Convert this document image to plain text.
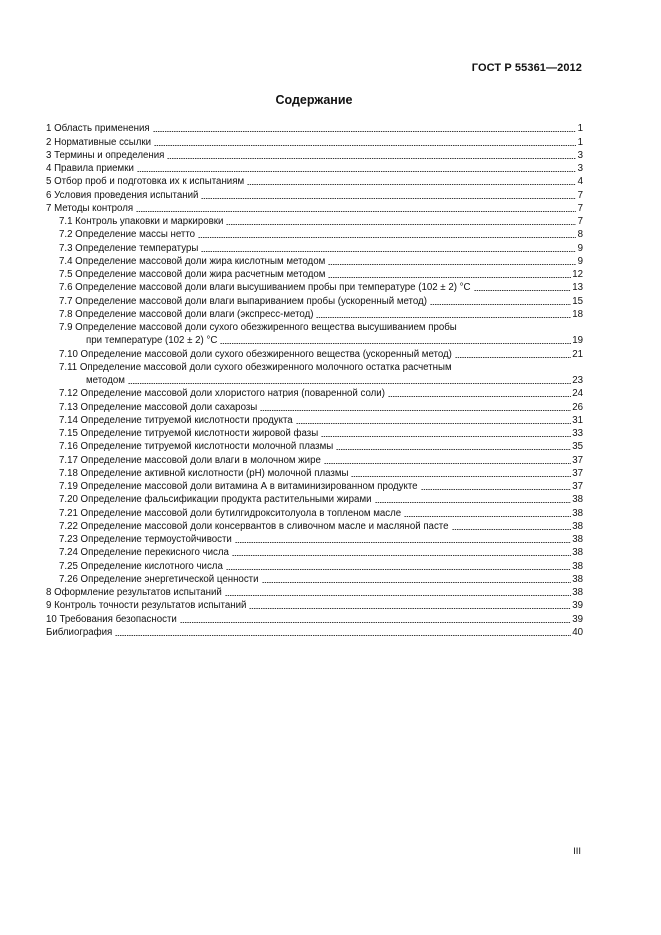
ГОСТ Р 55361—2012
Содержание
1 Область применения	1
2 Нормативные ссылки	1
3 Термины и определения	3
4 Правила приемки	3
5 Отбор проб и подготовка их к испытаниям	4
6 Условия проведения испытаний	7
7 Методы контроля	7
7.1 Контроль упаковки и маркировки	7
7.2 Определение массы нетто	8
7.3 Определение температуры	9
7.4 Определение массовой доли жира кислотным методом	9
7.5 Определение массовой доли жира расчетным методом	12
7.6 Определение массовой доли влаги высушиванием пробы при температуре (102 ± 2) °С	13
7.7 Определение массовой доли влаги выпариванием пробы (ускоренный метод)	15
7.8 Определение массовой доли влаги (экспресс-метод)	18
7.9 Определение массовой доли сухого обезжиренного вещества высушиванием пробы
при температуре (102 ± 2) °С	19
7.10 Определение массовой доли сухого обезжиренного вещества (ускоренный метод)	21
7.11 Определение массовой доли сухого обезжиренного молочного остатка расчетным
методом	23
7.12 Определение массовой доли хлористого натрия (поваренной соли)	24
7.13 Определение массовой доли сахарозы	26
7.14 Определение титруемой кислотности продукта	31
7.15 Определение титруемой кислотности жировой фазы	33
7.16 Определение титруемой кислотности молочной плазмы	35
7.17 Определение массовой доли влаги в молочном жире	37
7.18 Определение активной кислотности (рН) молочной плазмы	37
7.19 Определение массовой доли витамина А в витаминизированном продукте	37
7.20 Определение фальсификации продукта растительными жирами	38
7.21 Определение массовой доли бутилгидрокситолуола в топленом масле	38
7.22 Определение массовой доли консервантов в сливочном масле и масляной пасте	38
7.23 Определение термоустойчивости	38
7.24 Определение перекисного числа	38
7.25 Определение кислотного числа	38
7.26 Определение энергетической ценности	38
8 Оформление результатов испытаний	38
9 Контроль точности результатов испытаний	39
10 Требования безопасности	39
Библиография	40
III
